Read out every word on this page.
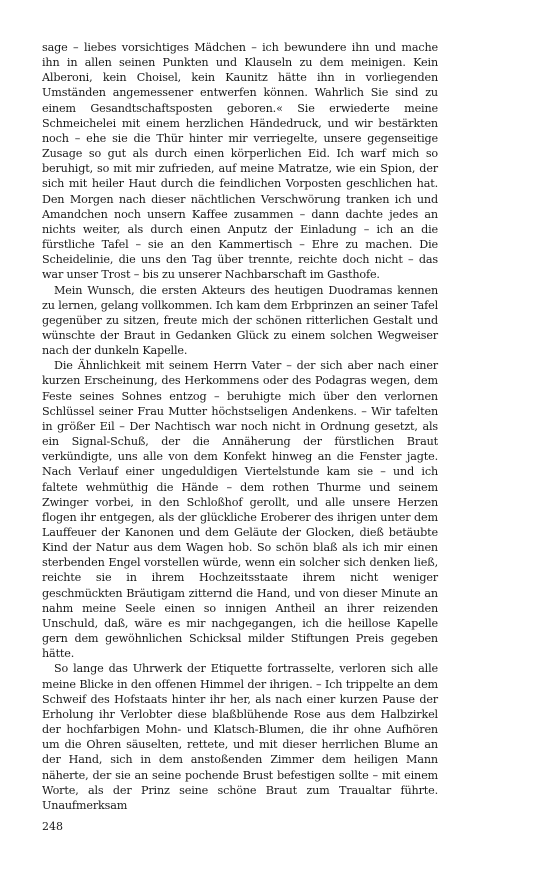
sage – liebes vorsichtiges Mädchen – ich bewundere ihn und mache ihn in allen seinen Punkten und Klauseln zu dem meinigen. Kein Alberoni, kein Choisel, kein Kaunitz hätte ihn in vorliegenden Umständen angemessener entwerfen können. Wahrlich Sie sind zu einem Gesandtschaftsposten geboren.« Sie erwiederte meine Schmeichelei mit einem herzlichen Händedruck, und wir bestärkten noch – ehe sie die Thür hinter mir verriegelte, unsere gegenseitige Zusage so gut als durch einen körperlichen Eid. Ich warf mich so beruhigt, so mit mir zufrieden, auf meine Matratze, wie ein Spion, der sich mit heiler Haut durch die feindlichen Vorposten geschlichen hat. Den Morgen nach dieser nächtlichen Verschwörung tranken ich und Amandchen noch unsern Kaffee zusammen – dann dachte jedes an nichts weiter, als durch einen Anputz der Einladung – ich an die fürstliche Tafel – sie an den Kammertisch – Ehre zu machen. Die Scheidelinie, die uns den Tag über trennte, reichte doch nicht – das war unser Trost – bis zu unserer Nachbarschaft im Gasthofe.

Mein Wunsch, die ersten Akteurs des heutigen Duodramas kennen zu lernen, gelang vollkommen. Ich kam dem Erbprinzen an seiner Tafel gegenüber zu sitzen, freute mich der schönen ritterlichen Gestalt und wünschte der Braut in Gedanken Glück zu einem solchen Wegweiser nach der dunkeln Kapelle.

Die Ähnlichkeit mit seinem Herrn Vater – der sich aber nach einer kurzen Erscheinung, des Herkommens oder des Podagras wegen, dem Feste seines Sohnes entzog – beruhigte mich über den verlornen Schlüssel seiner Frau Mutter höchstseligen Andenkens. – Wir tafelten in größer Eil – Der Nachtisch war noch nicht in Ordnung gesetzt, als ein Signal-Schuß, der die Annäherung der fürstlichen Braut verkündigte, uns alle von dem Konfekt hinweg an die Fenster jagte. Nach Verlauf einer ungeduldigen Viertelstunde kam sie – und ich faltete wehmüthig die Hände – dem rothen Thurme und seinem Zwinger vorbei, in den Schloßhof gerollt, und alle unsere Herzen flogen ihr entgegen, als der glückliche Eroberer des ihrigen unter dem Lauffeuer der Kanonen und dem Geläute der Glocken, dieß betäubte Kind der Natur aus dem Wagen hob. So schön blaß als ich mir einen sterbenden Engel vorstellen würde, wenn ein solcher sich denken ließ, reichte sie in ihrem Hochzeitsstaate ihrem nicht weniger geschmückten Bräutigam zitternd die Hand, und von dieser Minute an nahm meine Seele einen so innigen Antheil an ihrer reizenden Unschuld, daß, wäre es mir nachgegangen, ich die heillose Kapelle gern dem gewöhnlichen Schicksal milder Stiftungen Preis gegeben hätte.

So lange das Uhrwerk der Etiquette fortrasselte, verloren sich alle meine Blicke in den offenen Himmel der ihrigen. – Ich trippelte an dem Schweif des Hofstaats hinter ihr her, als nach einer kurzen Pause der Erholung ihr Verlobter diese blaßblühende Rose aus dem Halbzirkel der hochfarbigen Mohn- und Klatsch-Blumen, die ihr ohne Aufhören um die Ohren säuselten, rettete, und mit dieser herrlichen Blume an der Hand, sich in dem anstoßenden Zimmer dem heiligen Mann näherte, der sie an seine pochende Brust befestigen sollte – mit einem Worte, als der Prinz seine schöne Braut zum Traualtar führte. Unaufmerksam

248
